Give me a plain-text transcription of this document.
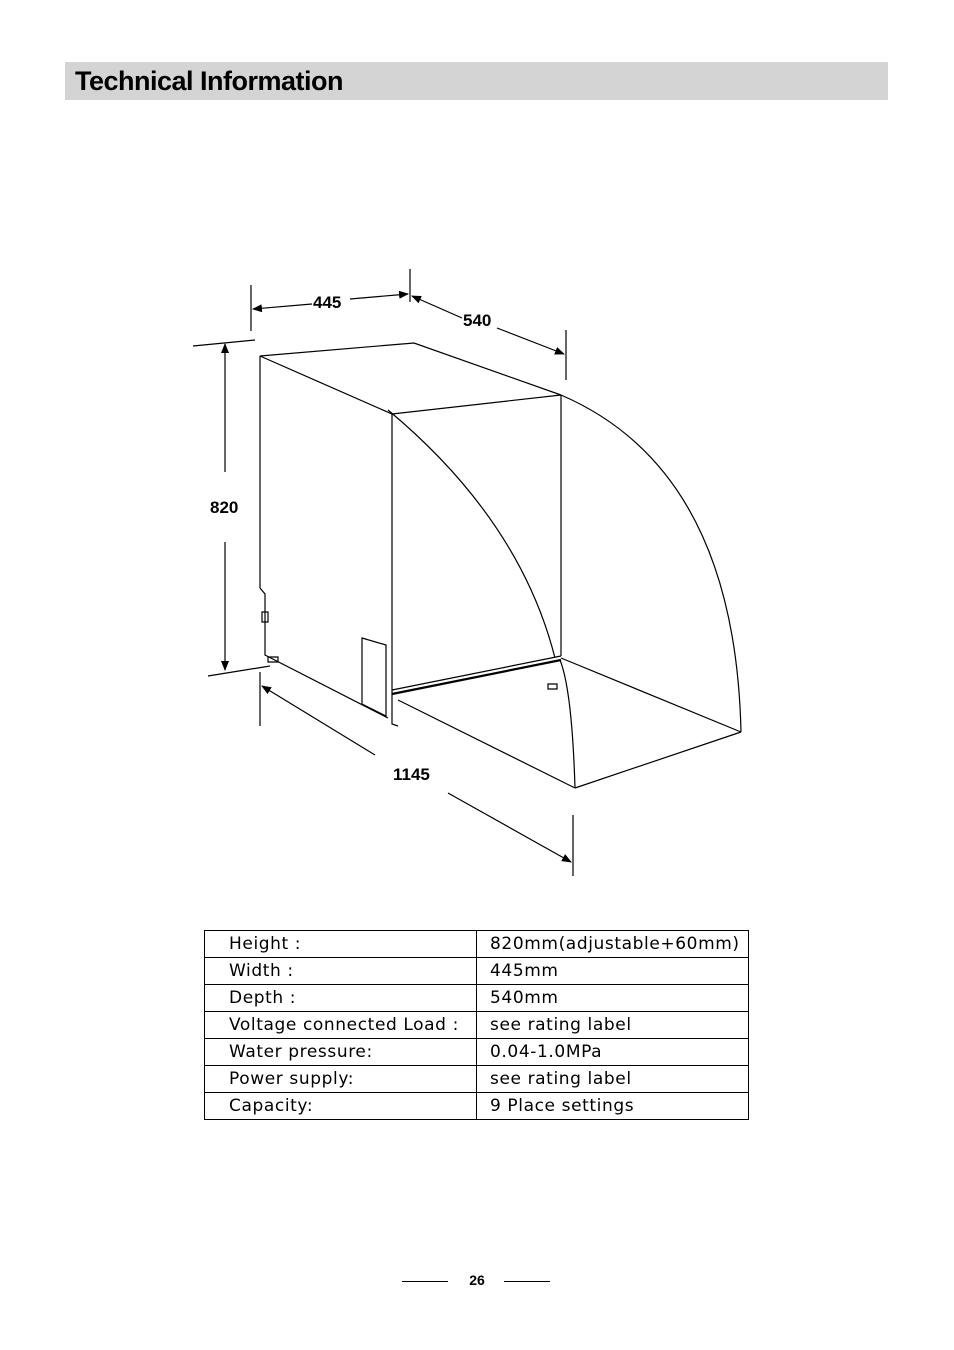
Technical Information
445
540
820
1145
Height :	820mm(adjustable+60mm)
Width :	445mm
Depth :	540mm
Voltage connected Load :	see rating label
Water pressure:	0.04-1.0MPa
Power supply:	see rating label
Capacity:	9 Place settings
26
